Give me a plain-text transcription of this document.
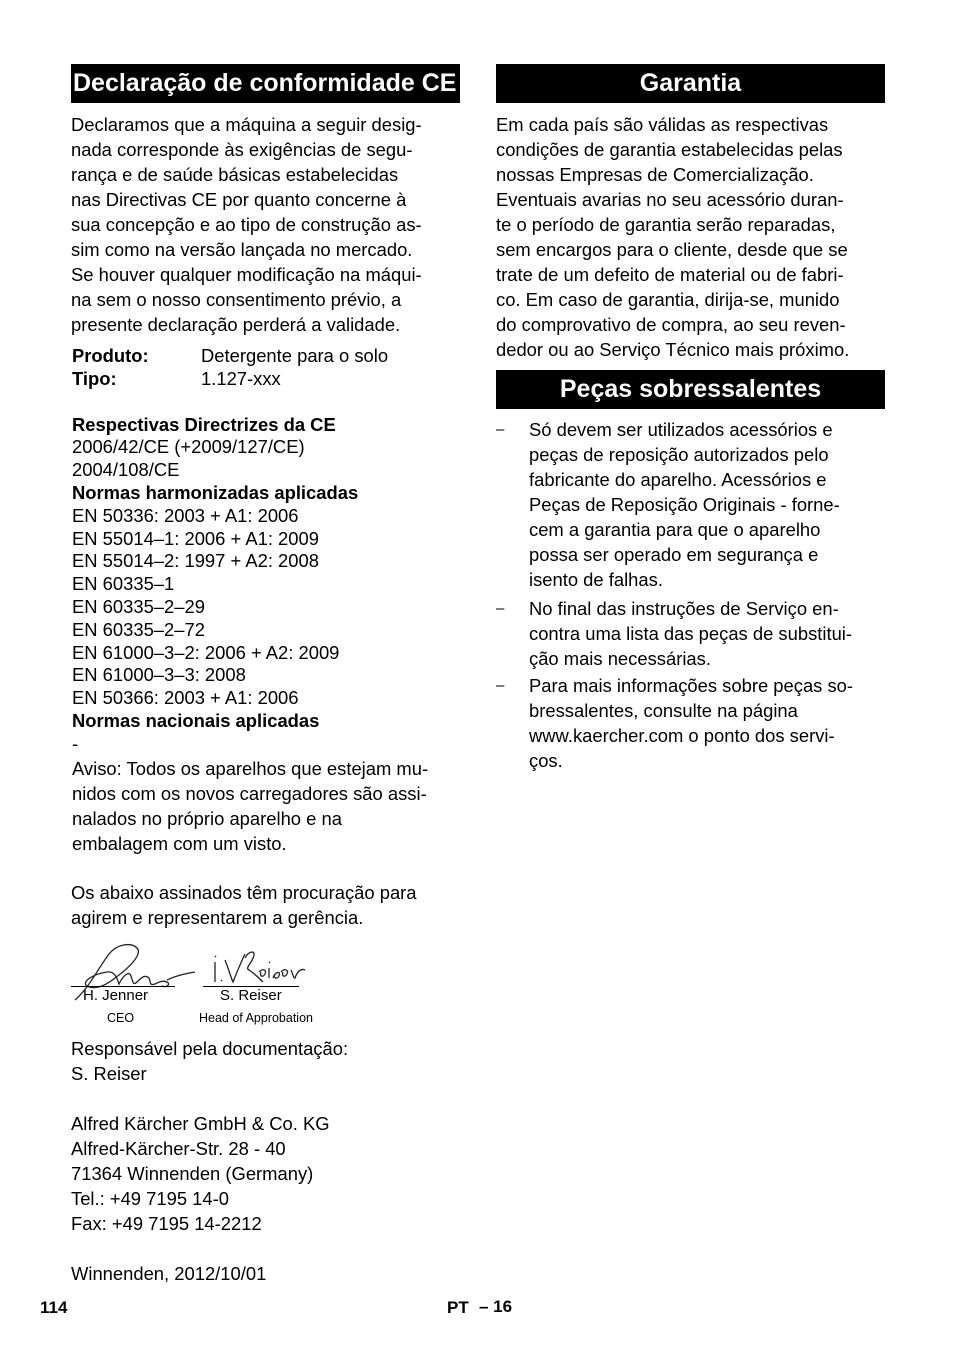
Declaração de conformidade CE
Declaramos que a máquina a seguir desig-
nada corresponde às exigências de segu-
rança e de saúde básicas estabelecidas
nas Directivas CE por quanto concerne à
sua concepção e ao tipo de construção as-
sim como na versão lançada no mercado.
Se houver qualquer modificação na máqui-
na sem o nosso consentimento prévio, a
presente declaração perderá a validade.
Produto:	Detergente para o solo
Tipo:	1.127-xxx
Respectivas Directrizes da CE
2006/42/CE (+2009/127/CE)
2004/108/CE
Normas harmonizadas aplicadas
EN 50336: 2003 + A1: 2006
EN 55014–1: 2006 + A1: 2009
EN 55014–2: 1997 + A2: 2008
EN 60335–1
EN 60335–2–29
EN 60335–2–72
EN 61000–3–2: 2006 + A2: 2009
EN 61000–3–3: 2008
EN 50366: 2003 + A1: 2006
Normas nacionais aplicadas
-
Aviso: Todos os aparelhos que estejam mu-
nidos com os novos carregadores são assi-
nalados no próprio aparelho e na
embalagem com um visto.
Os abaixo assinados têm procuração para
agirem e representarem a gerência.
H. Jenner
CEO
S. Reiser
Head of Approbation
Responsável pela documentação:
S. Reiser
Alfred Kärcher GmbH & Co. KG
Alfred-Kärcher-Str. 28 - 40
71364 Winnenden (Germany)
Tel.: +49 7195 14-0
Fax: +49 7195 14-2212
Winnenden, 2012/10/01
Garantia
Em cada país são válidas as respectivas
condições de garantia estabelecidas pelas
nossas Empresas de Comercialização.
Eventuais avarias no seu acessório duran-
te o período de garantia serão reparadas,
sem encargos para o cliente, desde que se
trate de um defeito de material ou de fabri-
co. Em caso de garantia, dirija-se, munido
do comprovativo de compra, ao seu reven-
dedor ou ao Serviço Técnico mais próximo.
Peças sobressalentes
–	Só devem ser utilizados acessórios e
peças de reposição autorizados pelo
fabricante do aparelho. Acessórios e
Peças de Reposição Originais - forne-
cem a garantia para que o aparelho
possa ser operado em segurança e
isento de falhas.
–	No final das instruções de Serviço en-
contra uma lista das peças de substitui-
ção mais necessárias.
–	Para mais informações sobre peças so-
bressalentes, consulte na página
www.kaercher.com o ponto dos servi-
ços.
114	PT – 16
